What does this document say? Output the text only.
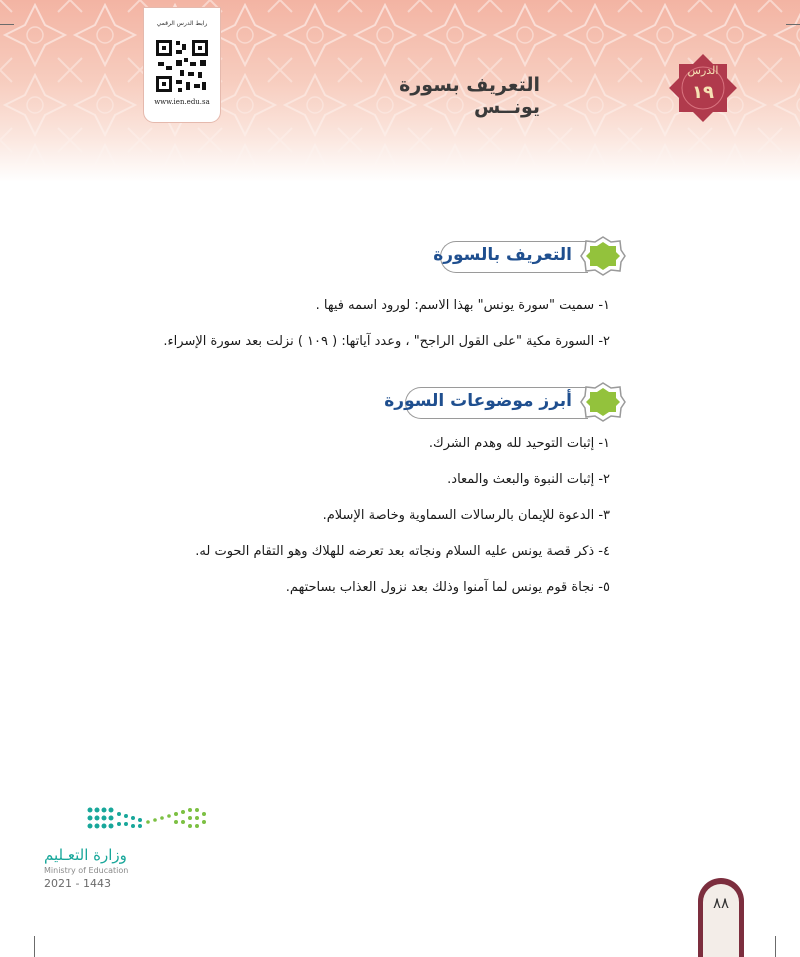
رابط الدرس الرقمي
www.ien.edu.sa
التعريف بسورة يونــس
الدرس
١٩
التعريف بالسورة
١- سميت "سورة يونس" بهذا الاسم: لورود اسمه فيها .
٢- السورة مكية "على القول الراجح" ، وعدد آياتها: ( ١٠٩ ) نزلت بعد سورة الإسراء.
أبرز موضوعات السورة
١- إثبات التوحيد لله وهدم الشرك.
٢- إثبات النبوة والبعث والمعاد.
٣- الدعوة للإيمان بالرسالات السماوية وخاصة الإسلام.
٤- ذكر قصة يونس عليه السلام ونجاته بعد تعرضه للهلاك وهو التقام الحوت له.
٥- نجاة قوم يونس لما آمنوا وذلك بعد نزول العذاب بساحتهم.
وزارة التعـليم
Ministry of Education
2021 - 1443
٨٨
